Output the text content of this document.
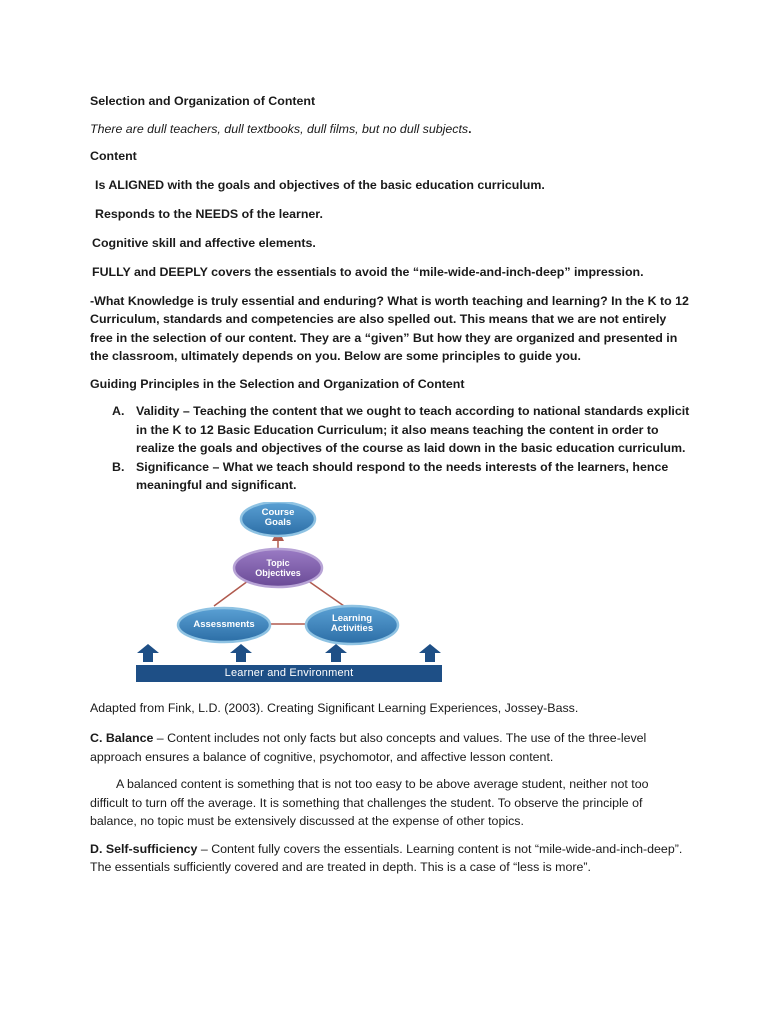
Selection and Organization of Content

There are dull teachers, dull textbooks, dull films, but no dull subjects.

Content

Is ALIGNED with the goals and objectives of the basic education curriculum.

Responds to the NEEDS of the learner.

Cognitive skill and affective elements.

FULLY and DEEPLY covers the essentials to avoid the “mile-wide-and-inch-deep” impression.

-What Knowledge is truly essential and enduring? What is worth teaching and learning? In the K to 12 Curriculum, standards and competencies are also spelled out. This means that we are not entirely free in the selection of our content. They are a “given” But how they are organized and presented in the classroom, ultimately depends on you. Below are some principles to guide you.

Guiding Principles in the Selection and Organization of Content

A. Validity – Teaching the content that we ought to teach according to national standards explicit in the K to 12 Basic Education Curriculum; it also means teaching the content in order to realize the goals and objectives of the course as laid down in the basic education curriculum.
B. Significance – What we teach should respond to the needs interests of the learners, hence meaningful and significant.
Course
Goals
Topic
Objectives
Assessments
Learning
Activities
Learner and Environment

Adapted from Fink, L.D. (2003). Creating Significant Learning Experiences, Jossey-Bass.

C. Balance – Content includes not only facts but also concepts and values. The use of the three-level approach ensures a balance of cognitive, psychomotor, and affective lesson content.

A balanced content is something that is not too easy to be above average student, neither not too difficult to turn off the average. It is something that challenges the student. To observe the principle of balance, no topic must be extensively discussed at the expense of other topics.

D. Self-sufficiency – Content fully covers the essentials. Learning content is not “mile-wide-and-inch-deep”. The essentials sufficiently covered and are treated in depth. This is a case of “less is more”.
